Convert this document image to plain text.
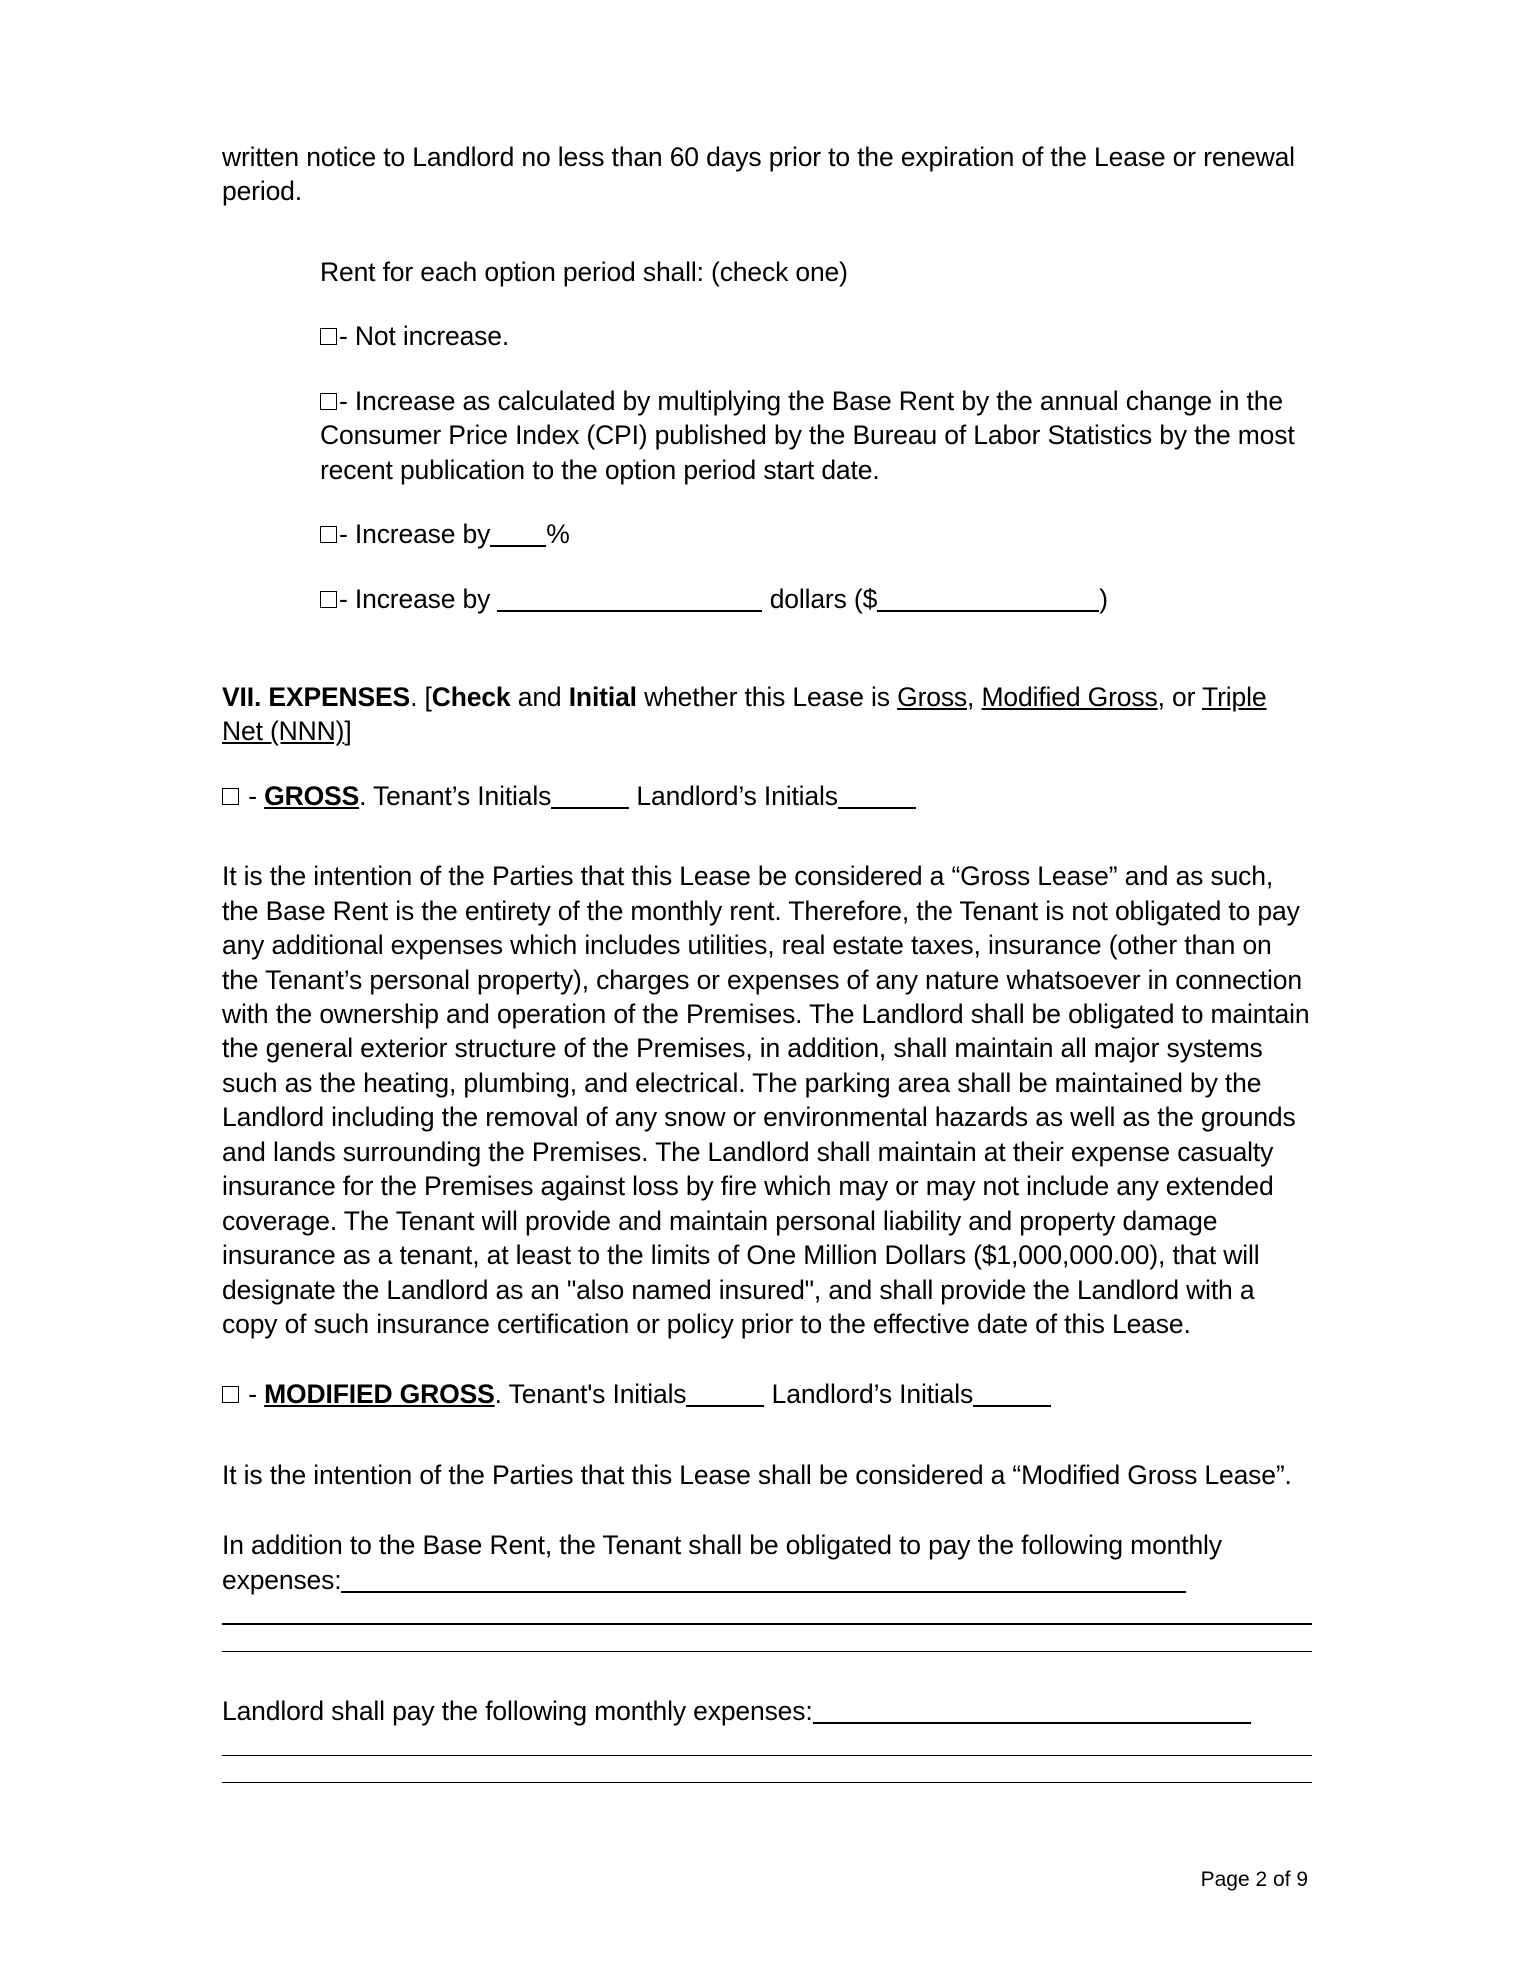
written notice to Landlord no less than 60 days prior to the expiration of the Lease or renewal period.

Rent for each option period shall: (check one)

- Not increase.

- Increase as calculated by multiplying the Base Rent by the annual change in the Consumer Price Index (CPI) published by the Bureau of Labor Statistics by the most recent publication to the option period start date.

- Increase by %

- Increase by	dollars ($	)

VII. EXPENSES. [Check and Initial whether this Lease is Gross, Modified Gross, or Triple Net (NNN)]

- GROSS. Tenant’s Initials	Landlord’s Initials

It is the intention of the Parties that this Lease be considered a “Gross Lease” and as such, the Base Rent is the entirety of the monthly rent. Therefore, the Tenant is not obligated to pay any additional expenses which includes utilities, real estate taxes, insurance (other than on the Tenant’s personal property), charges or expenses of any nature whatsoever in connection with the ownership and operation of the Premises. The Landlord shall be obligated to maintain the general exterior structure of the Premises, in addition, shall maintain all major systems such as the heating, plumbing, and electrical. The parking area shall be maintained by the Landlord including the removal of any snow or environmental hazards as well as the grounds and lands surrounding the Premises. The Landlord shall maintain at their expense casualty insurance for the Premises against loss by fire which may or may not include any extended coverage. The Tenant will provide and maintain personal liability and property damage insurance as a tenant, at least to the limits of One Million Dollars ($1,000,000.00), that will designate the Landlord as an "also named insured", and shall provide the Landlord with a copy of such insurance certification or policy prior to the effective date of this Lease.

- MODIFIED GROSS. Tenant's Initials	Landlord’s Initials

It is the intention of the Parties that this Lease shall be considered a “Modified Gross Lease”.

In addition to the Base Rent, the Tenant shall be obligated to pay the following monthly expenses:

Landlord shall pay the following monthly expenses:

Page 2 of 9
